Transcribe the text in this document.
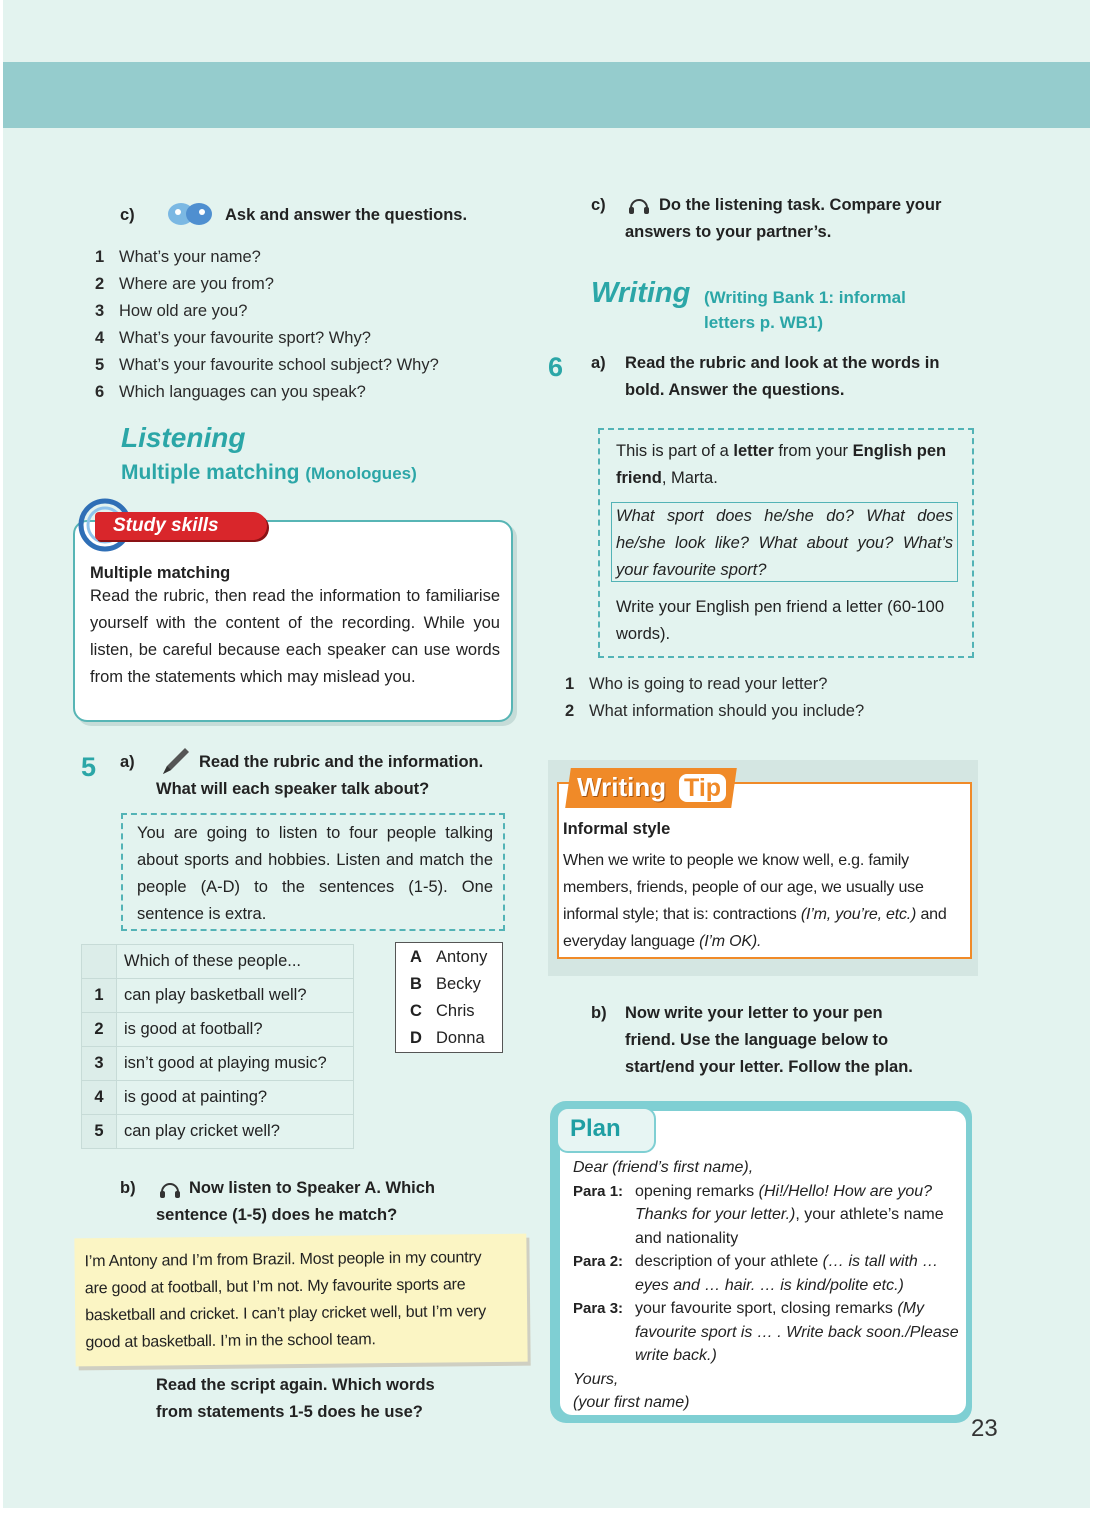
c)	Ask and answer the questions.
1 What’s your name?
2 Where are you from?
3 How old are you?
4 What’s your favourite sport? Why?
5 What’s your favourite school subject? Why?
6 Which languages can you speak?
Listening
Multiple matching (Monologues)
Multiple matching
Read the rubric, then read the information to familiarise yourself with the content of the recording. While you listen, be careful because each speaker can use words from the statements which may mislead you.
Study skills
5 a)	Read the rubric and the information.
What will each speaker talk about?
You are going to listen to four people talking about sports and hobbies. Listen and match the people (A-D) to the sentences (1-5). One sentence is extra.
	Which of these people...
1	can play basketball well?
2	is good at football?
3	isn’t good at playing music?
4	is good at painting?
5	can play cricket well?
A Antony
B Becky
C Chris
D Donna
b)	Now listen to Speaker A. Which
sentence (1-5) does he match?
I’m Antony and I’m from Brazil. Most people in my country are good at football, but I’m not. My favourite sports are basketball and cricket. I can’t play cricket well, but I’m very good at basketball. I’m in the school team.
Read the script again. Which words
from statements 1-5 does he use?
c)	Do the listening task. Compare your
answers to your partner’s.
Writing (Writing Bank 1: informal
letters p. WB1)
6 a) Read the rubric and look at the words in
bold. Answer the questions.
This is part of a letter from your English pen friend, Marta.
What sport does he/she do? What does he/she look like? What about you? What’s your favourite sport?
Write your English pen friend a letter (60-100 words).
1 Who is going to read your letter?
2 What information should you include?
Informal style
When we write to people we know well, e.g. family members, friends, people of our age, we usually use informal style; that is: contractions (I’m, you’re, etc.) and everyday language (I’m OK).
Writing Tip
b) Now write your letter to your pen
friend. Use the language below to
start/end your letter. Follow the plan.
Dear (friend’s first name),
Para 1: opening remarks (Hi!/Hello! How are you? Thanks for your letter.), your athlete’s name and nationality
Para 2: description of your athlete (… is tall with … eyes and … hair. … is kind/polite etc.)
Para 3: your favourite sport, closing remarks (My favourite sport is … . Write back soon./Please write back.)
Yours,
(your first name)
Plan
23
